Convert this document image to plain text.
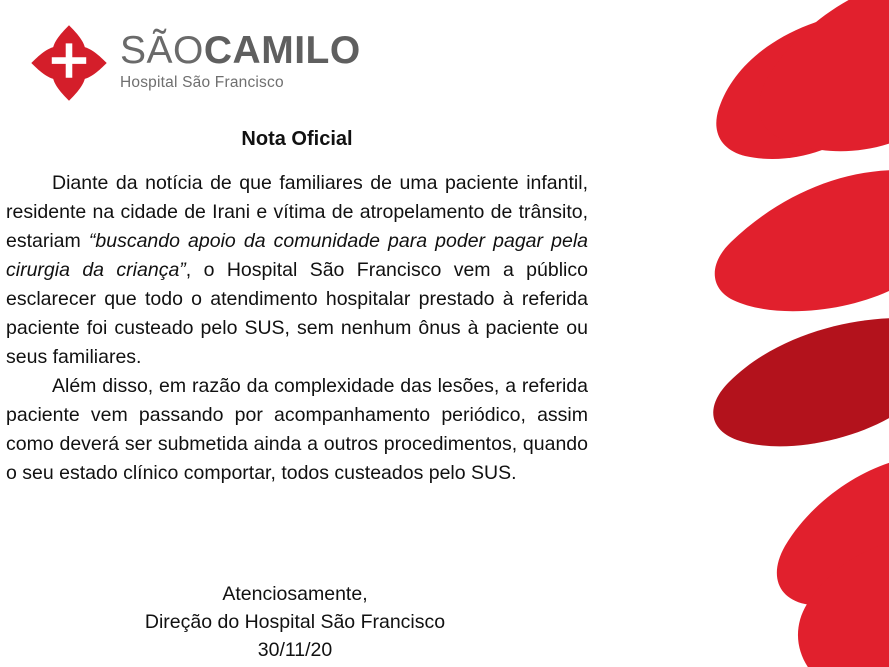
SÃOCAMILO
Hospital São Francisco
Nota Oficial

Diante da notícia de que familiares de uma paciente infantil, residente na cidade de Irani e vítima de atropelamento de trânsito, estariam “buscando apoio da comunidade para poder pagar pela cirurgia da criança”, o Hospital São Francisco vem a público esclarecer que todo o atendimento hospitalar prestado à referida paciente foi custeado pelo SUS, sem nenhum ônus à paciente ou seus familiares.

Além disso, em razão da complexidade das lesões, a referida paciente vem passando por acompanhamento periódico, assim como deverá ser submetida ainda a outros procedimentos, quando o seu estado clínico comportar, todos custeados pelo SUS.

Atenciosamente,
Direção do Hospital São Francisco
30/11/20
